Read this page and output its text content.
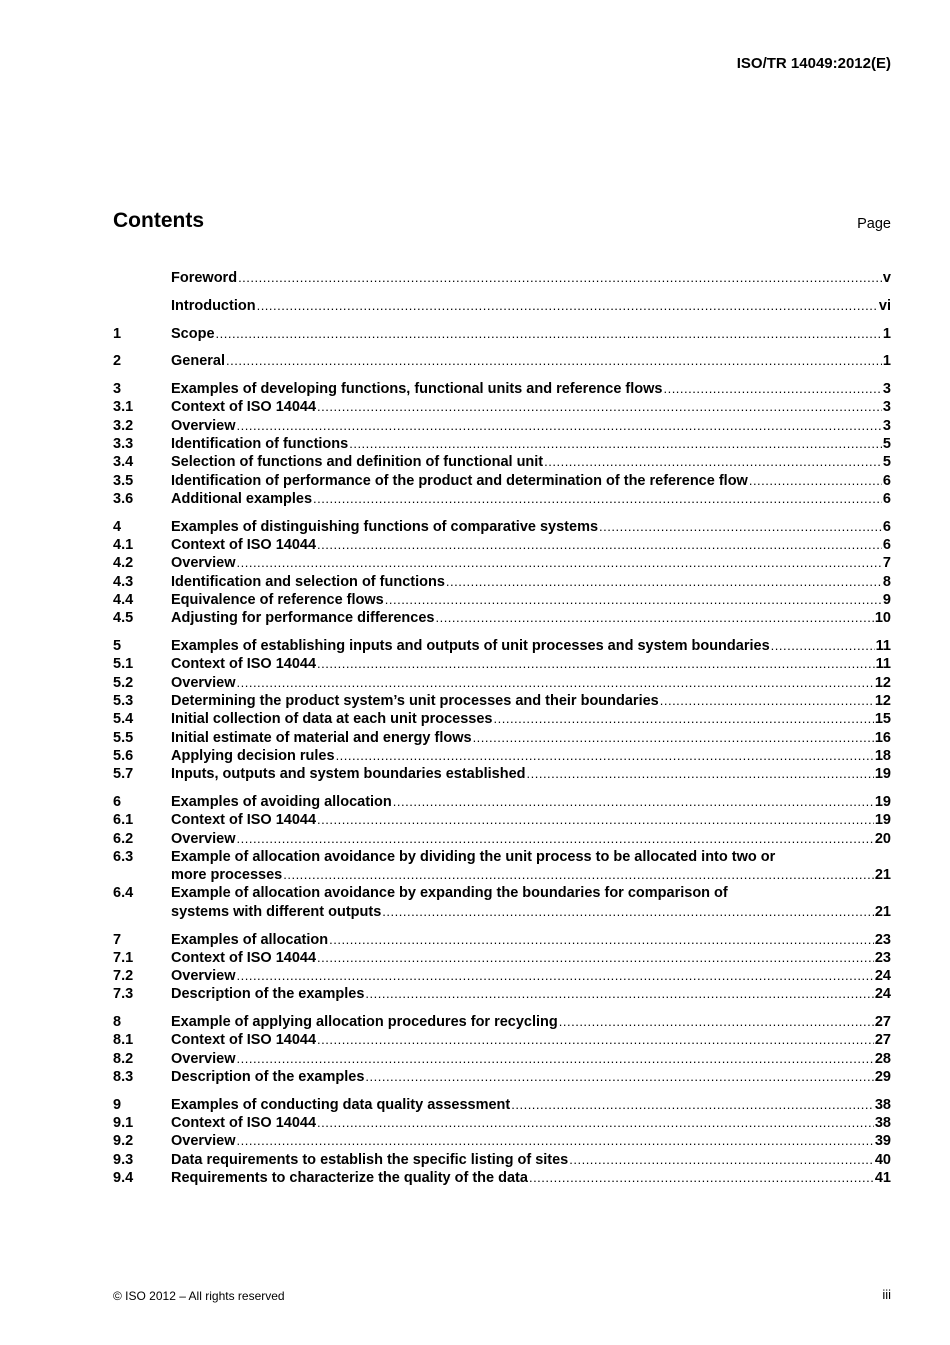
ISO/TR 14049:2012(E)
Contents	Page
Foreword .....	v
Introduction .....	vi
1	Scope .....	1
2	General .....	1
3	Examples of developing functions, functional units and reference flows .....	3
3.1	Context of ISO 14044 .....	3
3.2	Overview .....	3
3.3	Identification of functions .....	5
3.4	Selection of functions and definition of functional unit .....	5
3.5	Identification of performance of the product and determination of the reference flow .....	6
3.6	Additional examples .....	6
4	Examples of distinguishing functions of comparative systems .....	6
4.1	Context of ISO 14044 .....	6
4.2	Overview .....	7
4.3	Identification and selection of functions .....	8
4.4	Equivalence of reference flows .....	9
4.5	Adjusting for performance differences .....	10
5	Examples of establishing inputs and outputs of unit processes and system boundaries .....	11
5.1	Context of ISO 14044 .....	11
5.2	Overview .....	12
5.3	Determining the product system’s unit processes and their boundaries .....	12
5.4	Initial collection of data at each unit processes .....	15
5.5	Initial estimate of material and energy flows .....	16
5.6	Applying decision rules .....	18
5.7	Inputs, outputs and system boundaries established .....	19
6	Examples of avoiding allocation .....	19
6.1	Context of ISO 14044 .....	19
6.2	Overview .....	20
6.3	Example of allocation avoidance by dividing the unit process to be allocated into two or
more processes .....	21
6.4	Example of allocation avoidance by expanding the boundaries for comparison of
systems with different outputs .....	21
7	Examples of allocation .....	23
7.1	Context of ISO 14044 .....	23
7.2	Overview .....	24
7.3	Description of the examples .....	24
8	Example of applying allocation procedures for recycling .....	27
8.1	Context of ISO 14044 .....	27
8.2	Overview .....	28
8.3	Description of the examples .....	29
9	Examples of conducting data quality assessment .....	38
9.1	Context of ISO 14044 .....	38
9.2	Overview .....	39
9.3	Data requirements to establish the specific listing of sites .....	40
9.4	Requirements to characterize the quality of the data .....	41
© ISO 2012 – All rights reserved	iii
